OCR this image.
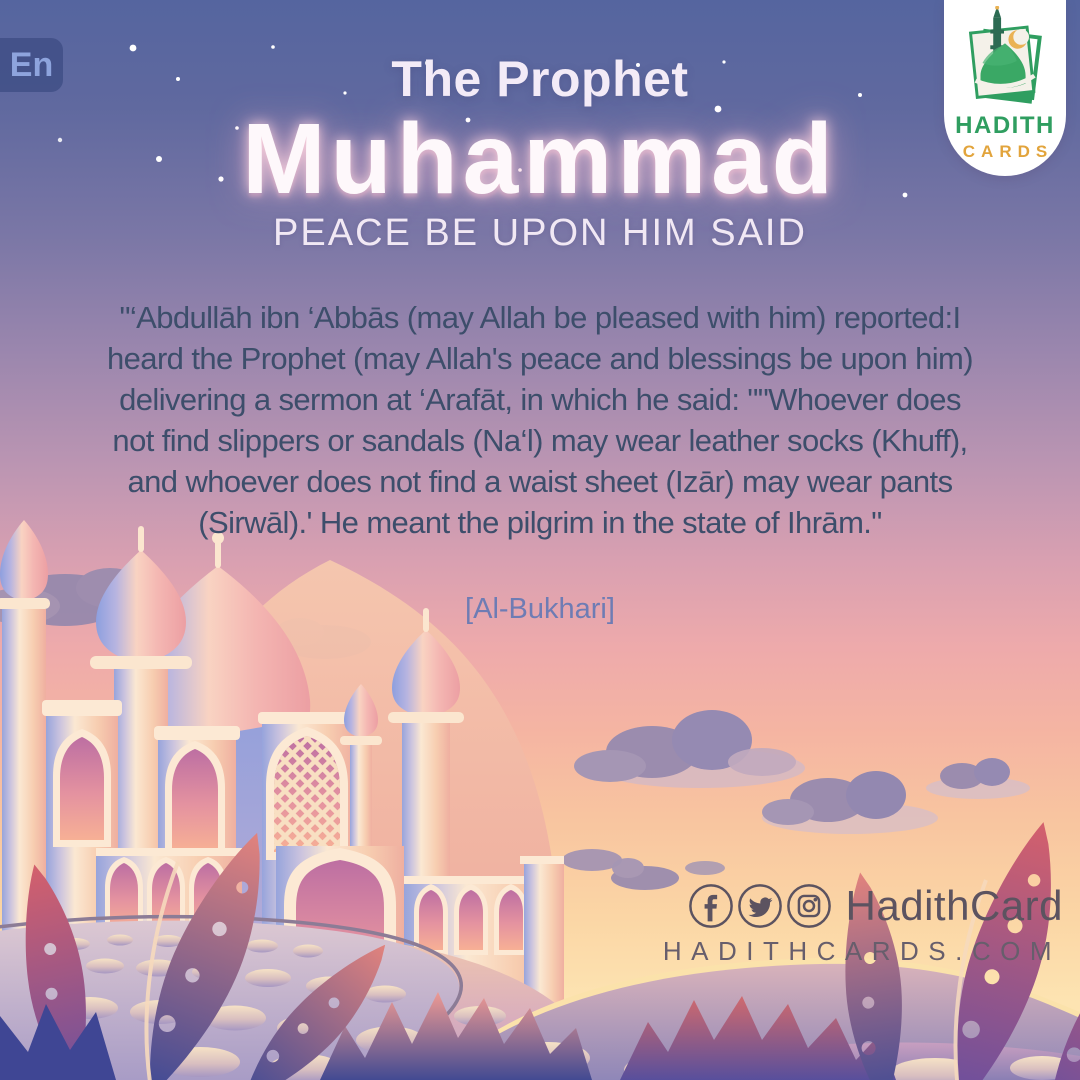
En	The Prophet
Muhammad
PEACE BE UPON HIM SAID
HADITH
CARDS
"‘Abdullāh ibn ‘Abbās (may Allah be pleased with him) reported:I
heard the Prophet (may Allah's peace and blessings be upon him)
delivering a sermon at ‘Arafāt, in which he said: ""Whoever does
not find slippers or sandals (Na‘l) may wear leather socks (Khuff),
and whoever does not find a waist sheet (Izār) may wear pants
(Sirwāl).' He meant the pilgrim in the state of Ihrām."
[Al-Bukhari]
HadithCard
HADITHCARDS.COM
